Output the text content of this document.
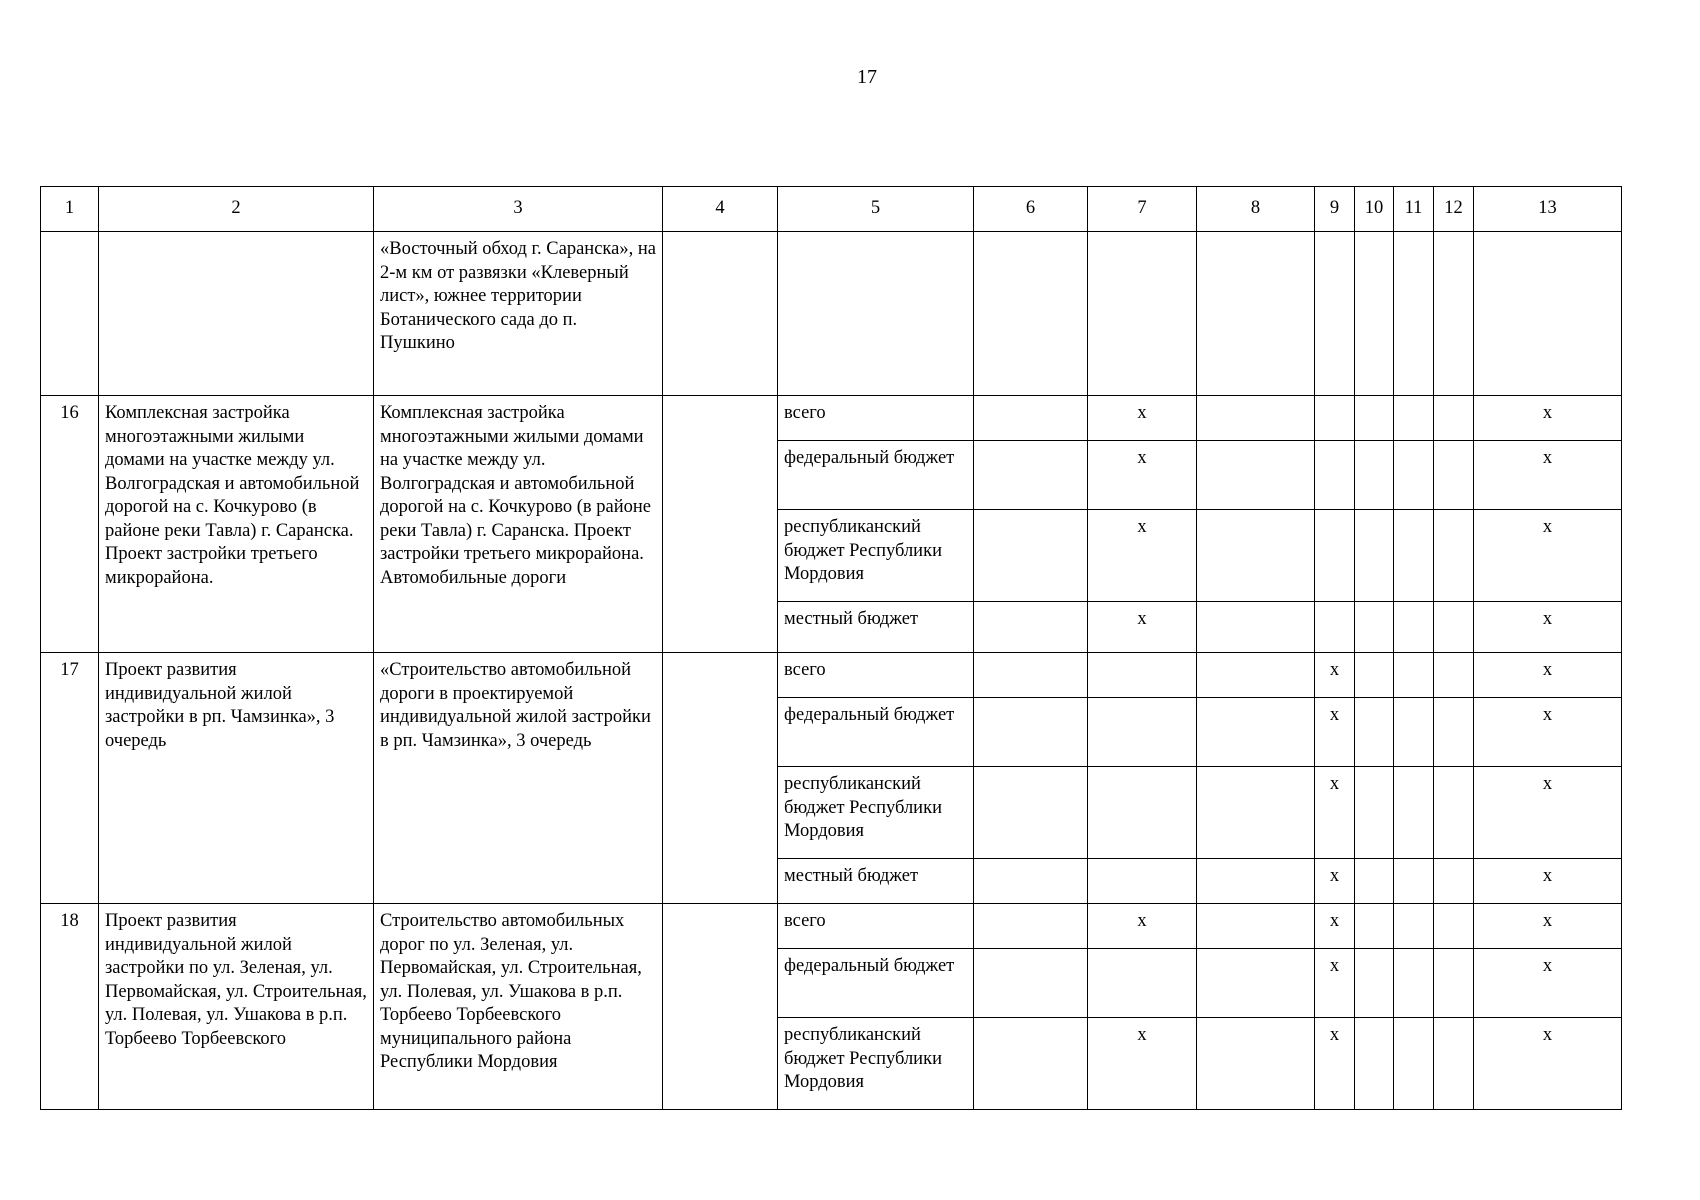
17
1	2	3	4	5	6	7	8	9	10	11	12	13
		«Восточный обход г. Саранска», на 2-м км от развязки «Клеверный лист», южнее территории Ботанического сада до п. Пушкино										
16	Комплексная застройка многоэтажными жилыми домами на участке между ул. Волгоградская и автомобильной дорогой на с. Кочкурово (в районе реки Тавла) г. Саранска. Проект застройки третьего микрорайона.	Комплексная застройка многоэтажными жилыми домами на участке между ул. Волгоградская и автомобильной дорогой на с. Кочкурово (в районе реки Тавла) г. Саранска. Проект застройки третьего микрорайона. Автомобильные дороги		всего		x						x
				федеральный бюджет		x						x
				республиканский бюджет Республики Мордовия		x						x
				местный бюджет		x						x
17	Проект развития индивидуальной жилой застройки в рп. Чамзинка», 3 очередь	«Строительство автомобильной дороги в проектируемой индивидуальной жилой застройки в рп. Чамзинка», 3 очередь		всего				x				x
				федеральный бюджет				x				x
				республиканский бюджет Республики Мордовия				x				x
				местный бюджет				x				x
18	Проект развития индивидуальной жилой застройки по ул. Зеленая, ул. Первомайская, ул. Строительная, ул. Полевая, ул. Ушакова в р.п. Торбеево Торбеевского	Строительство автомобильных дорог по ул. Зеленая, ул. Первомайская, ул. Строительная, ул. Полевая, ул. Ушакова в р.п. Торбеево Торбеевского муниципального района Республики Мордовия		всего		x		x				x
				федеральный бюджет				x				x
				республиканский бюджет Республики Мордовия		x		x				x
